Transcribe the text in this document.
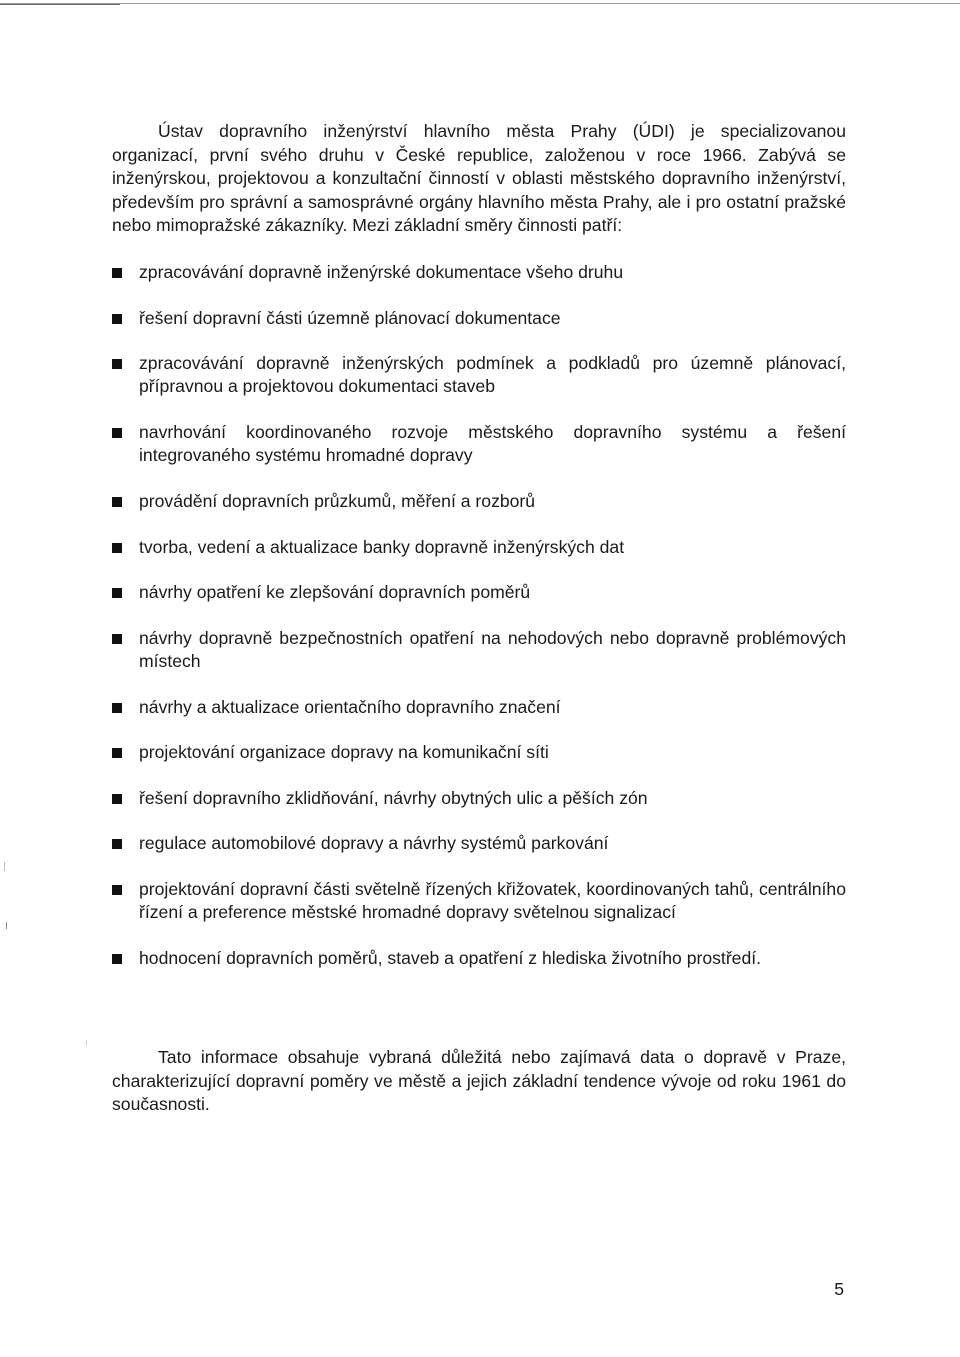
Ústav dopravního inženýrství hlavního města Prahy (ÚDI) je specializovanou organizací, první svého druhu v České republice, založenou v roce 1966. Zabývá se inženýrskou, projektovou a konzultační činností v oblasti městského dopravního inženýrství, především pro správní a samosprávné orgány hlavního města Prahy, ale i pro ostatní pražské nebo mimopražské zákazníky. Mezi základní směry činnosti patří:

zpracovávání dopravně inženýrské dokumentace všeho druhu
řešení dopravní části územně plánovací dokumentace
zpracovávání dopravně inženýrských podmínek a podkladů pro územně plánovací, přípravnou a projektovou dokumentaci staveb
navrhování koordinovaného rozvoje městského dopravního systému a řešení integrovaného systému hromadné dopravy
provádění dopravních průzkumů, měření a rozborů
tvorba, vedení a aktualizace banky dopravně inženýrských dat
návrhy opatření ke zlepšování dopravních poměrů
návrhy dopravně bezpečnostních opatření na nehodových nebo dopravně problémových místech
návrhy a aktualizace orientačního dopravního značení
projektování organizace dopravy na komunikační síti
řešení dopravního zklidňování, návrhy obytných ulic a pěších zón
regulace automobilové dopravy a návrhy systémů parkování
projektování dopravní části světelně řízených křižovatek, koordinovaných tahů, centrálního řízení a preference městské hromadné dopravy světelnou signalizací
hodnocení dopravních poměrů, staveb a opatření z hlediska životního prostředí.

Tato informace obsahuje vybraná důležitá nebo zajímavá data o dopravě v Praze, charakterizující dopravní poměry ve městě a jejich základní tendence vývoje od roku 1961 do současnosti.

5
